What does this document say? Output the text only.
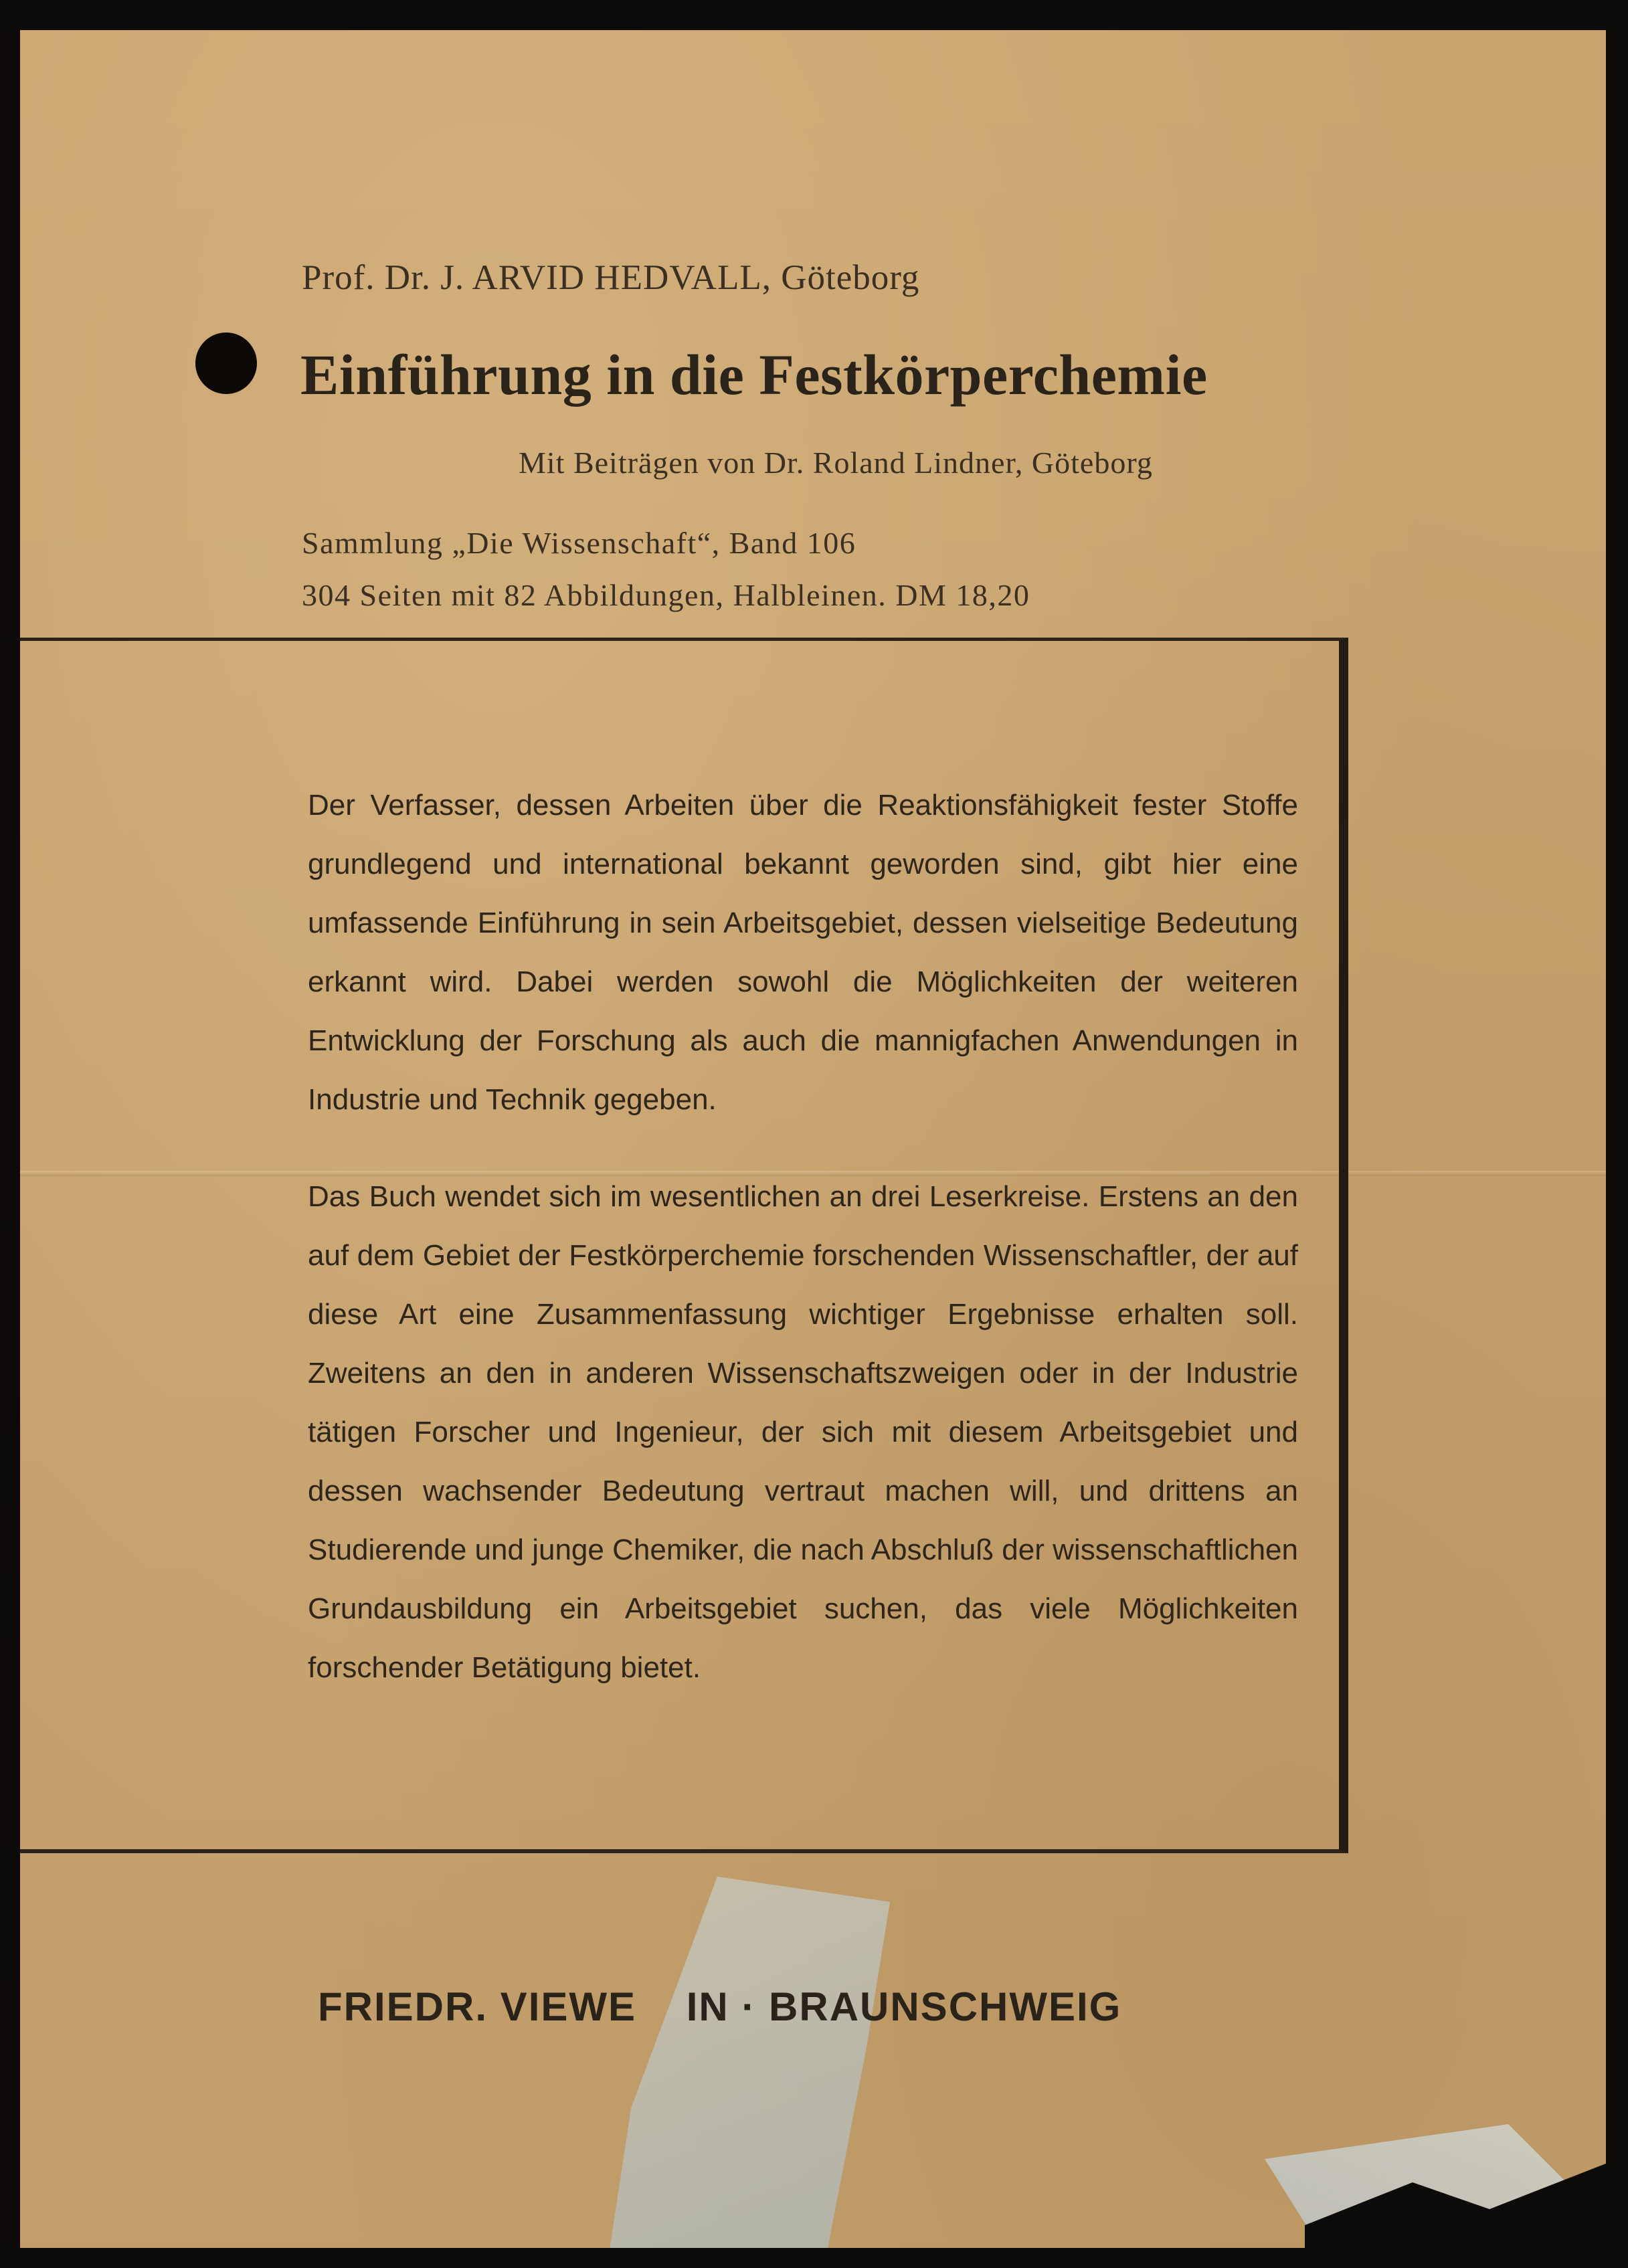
Prof. Dr. J. ARVID HEDVALL, Göteborg
Einführung in die Festkörperchemie
Mit Beiträgen von Dr. Roland Lindner, Göteborg
Sammlung „Die Wissenschaft“, Band 106
304 Seiten mit 82 Abbildungen, Halbleinen. DM 18,20

Der Verfasser, dessen Arbeiten über die Reaktionsfähigkeit fester Stoffe grundlegend und international bekannt geworden sind, gibt hier eine umfassende Einführung in sein Arbeitsgebiet, dessen vielseitige Bedeutung erkannt wird. Dabei werden sowohl die Möglichkeiten der weiteren Entwicklung der Forschung als auch die mannigfachen Anwendungen in Industrie und Technik gegeben.

Das Buch wendet sich im wesentlichen an drei Leserkreise. Erstens an den auf dem Gebiet der Festkörperchemie forschenden Wissenschaftler, der auf diese Art eine Zusammenfassung wichtiger Ergebnisse erhalten soll. Zweitens an den in anderen Wissenschaftszweigen oder in der Industrie tätigen Forscher und Ingenieur, der sich mit diesem Arbeitsgebiet und dessen wachsender Bedeutung vertraut machen will, und drittens an Studierende und junge Chemiker, die nach Abschluß der wissenschaftlichen Grundausbildung ein Arbeitsgebiet suchen, das viele Möglichkeiten forschender Betätigung bietet.

FRIEDR. VIEWE    IN · BRAUNSCHWEIG
